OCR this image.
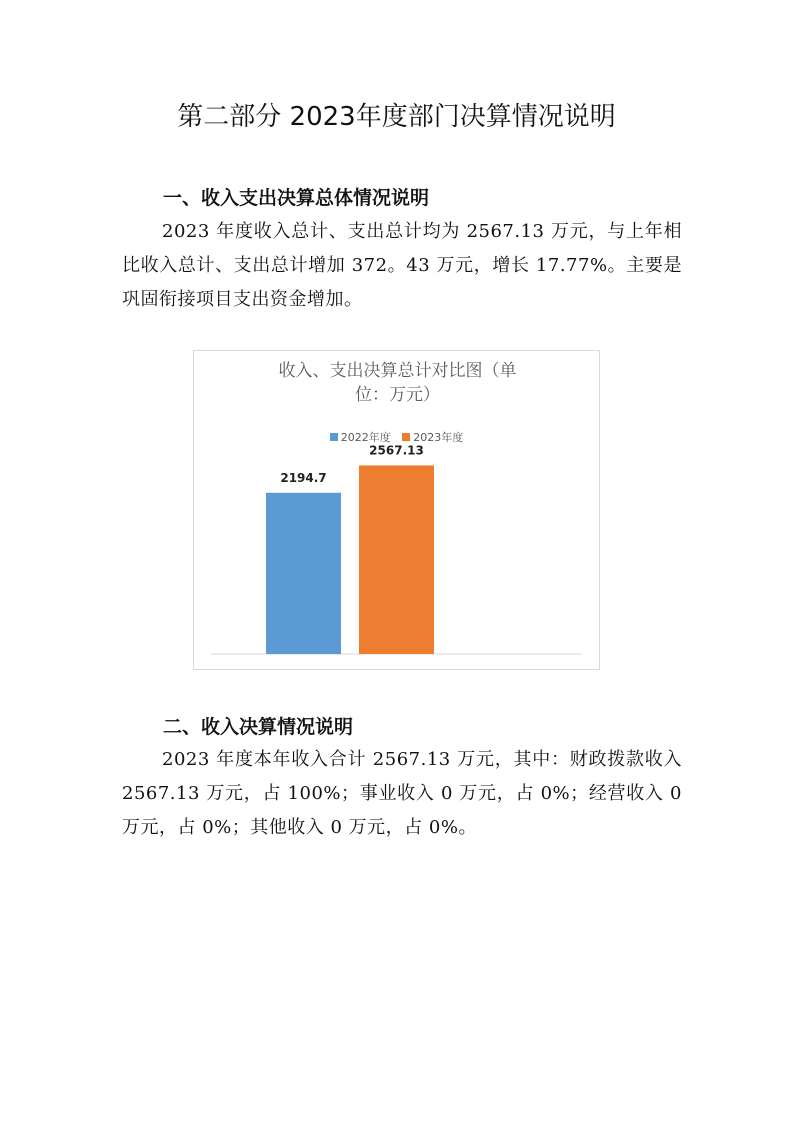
第二部分 2023年度部门决算情况说明
一、收入支出决算总体情况说明

2023 年度收入总计、支出总计均为 2567.13 万元，与上年相比收入总计、支出总计增加 372。43 万元，增长 17.77%。主要是巩固衔接项目支出资金增加。

收入、支出决算总计对比图（单
位：万元）
2022年度 2023年度
2194.7
2567.13
二、收入决算情况说明

2023 年度本年收入合计 2567.13 万元，其中：财政拨款收入 2567.13 万元，占 100%；事业收入 0 万元，占 0%；经营收入 0 万元，占 0%；其他收入 0 万元，占 0%。
